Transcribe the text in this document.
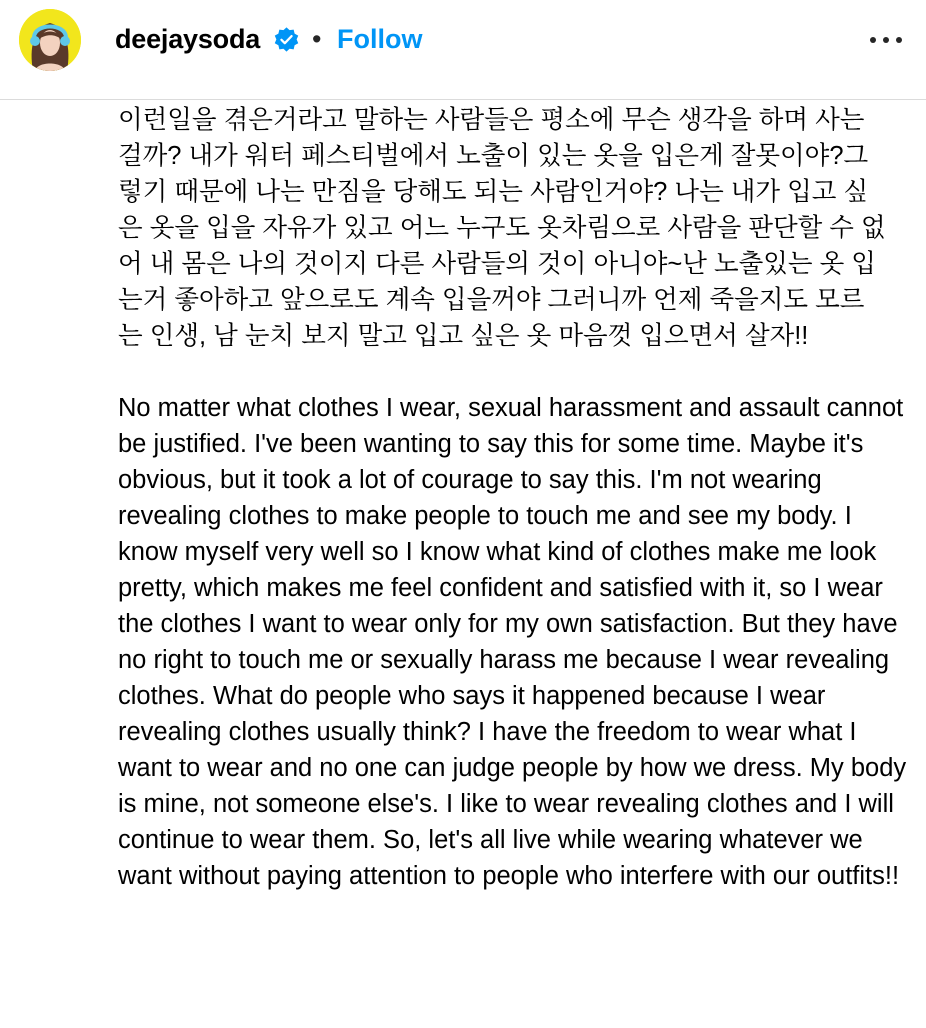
deejaysoda • Follow

이런일을 겪은거라고 말하는 사람들은 평소에 무슨 생각을 하며 사는 걸까? 내가 워터 페스티벌에서 노출이 있는 옷을 입은게 잘못이야?그렇기 때문에 나는 만짐을 당해도 되는 사람인거야? 나는 내가 입고 싶은 옷을 입을 자유가 있고 어느 누구도 옷차림으로 사람을 판단할 수 없어 내 몸은 나의 것이지 다른 사람들의 것이 아니야~난 노출있는 옷 입는거 좋아하고 앞으로도 계속 입을꺼야 그러니까 언제 죽을지도 모르는 인생, 남 눈치 보지 말고 입고 싶은 옷 마음껏 입으면서 살자!!

No matter what clothes I wear, sexual harassment and assault cannot be justified. I've been wanting to say this for some time. Maybe it's obvious, but it took a lot of courage to say this. I'm not wearing revealing clothes to make people to touch me and see my body. I know myself very well so I know what kind of clothes make me look pretty, which makes me feel confident and satisfied with it, so I wear the clothes I want to wear only for my own satisfaction. But they have no right to touch me or sexually harass me because I wear revealing clothes. What do people who says it happened because I wear revealing clothes usually think? I have the freedom to wear what I want to wear and no one can judge people by how we dress. My body is mine, not someone else's. I like to wear revealing clothes and I will continue to wear them. So, let's all live while wearing whatever we want without paying attention to people who interfere with our outfits!!
